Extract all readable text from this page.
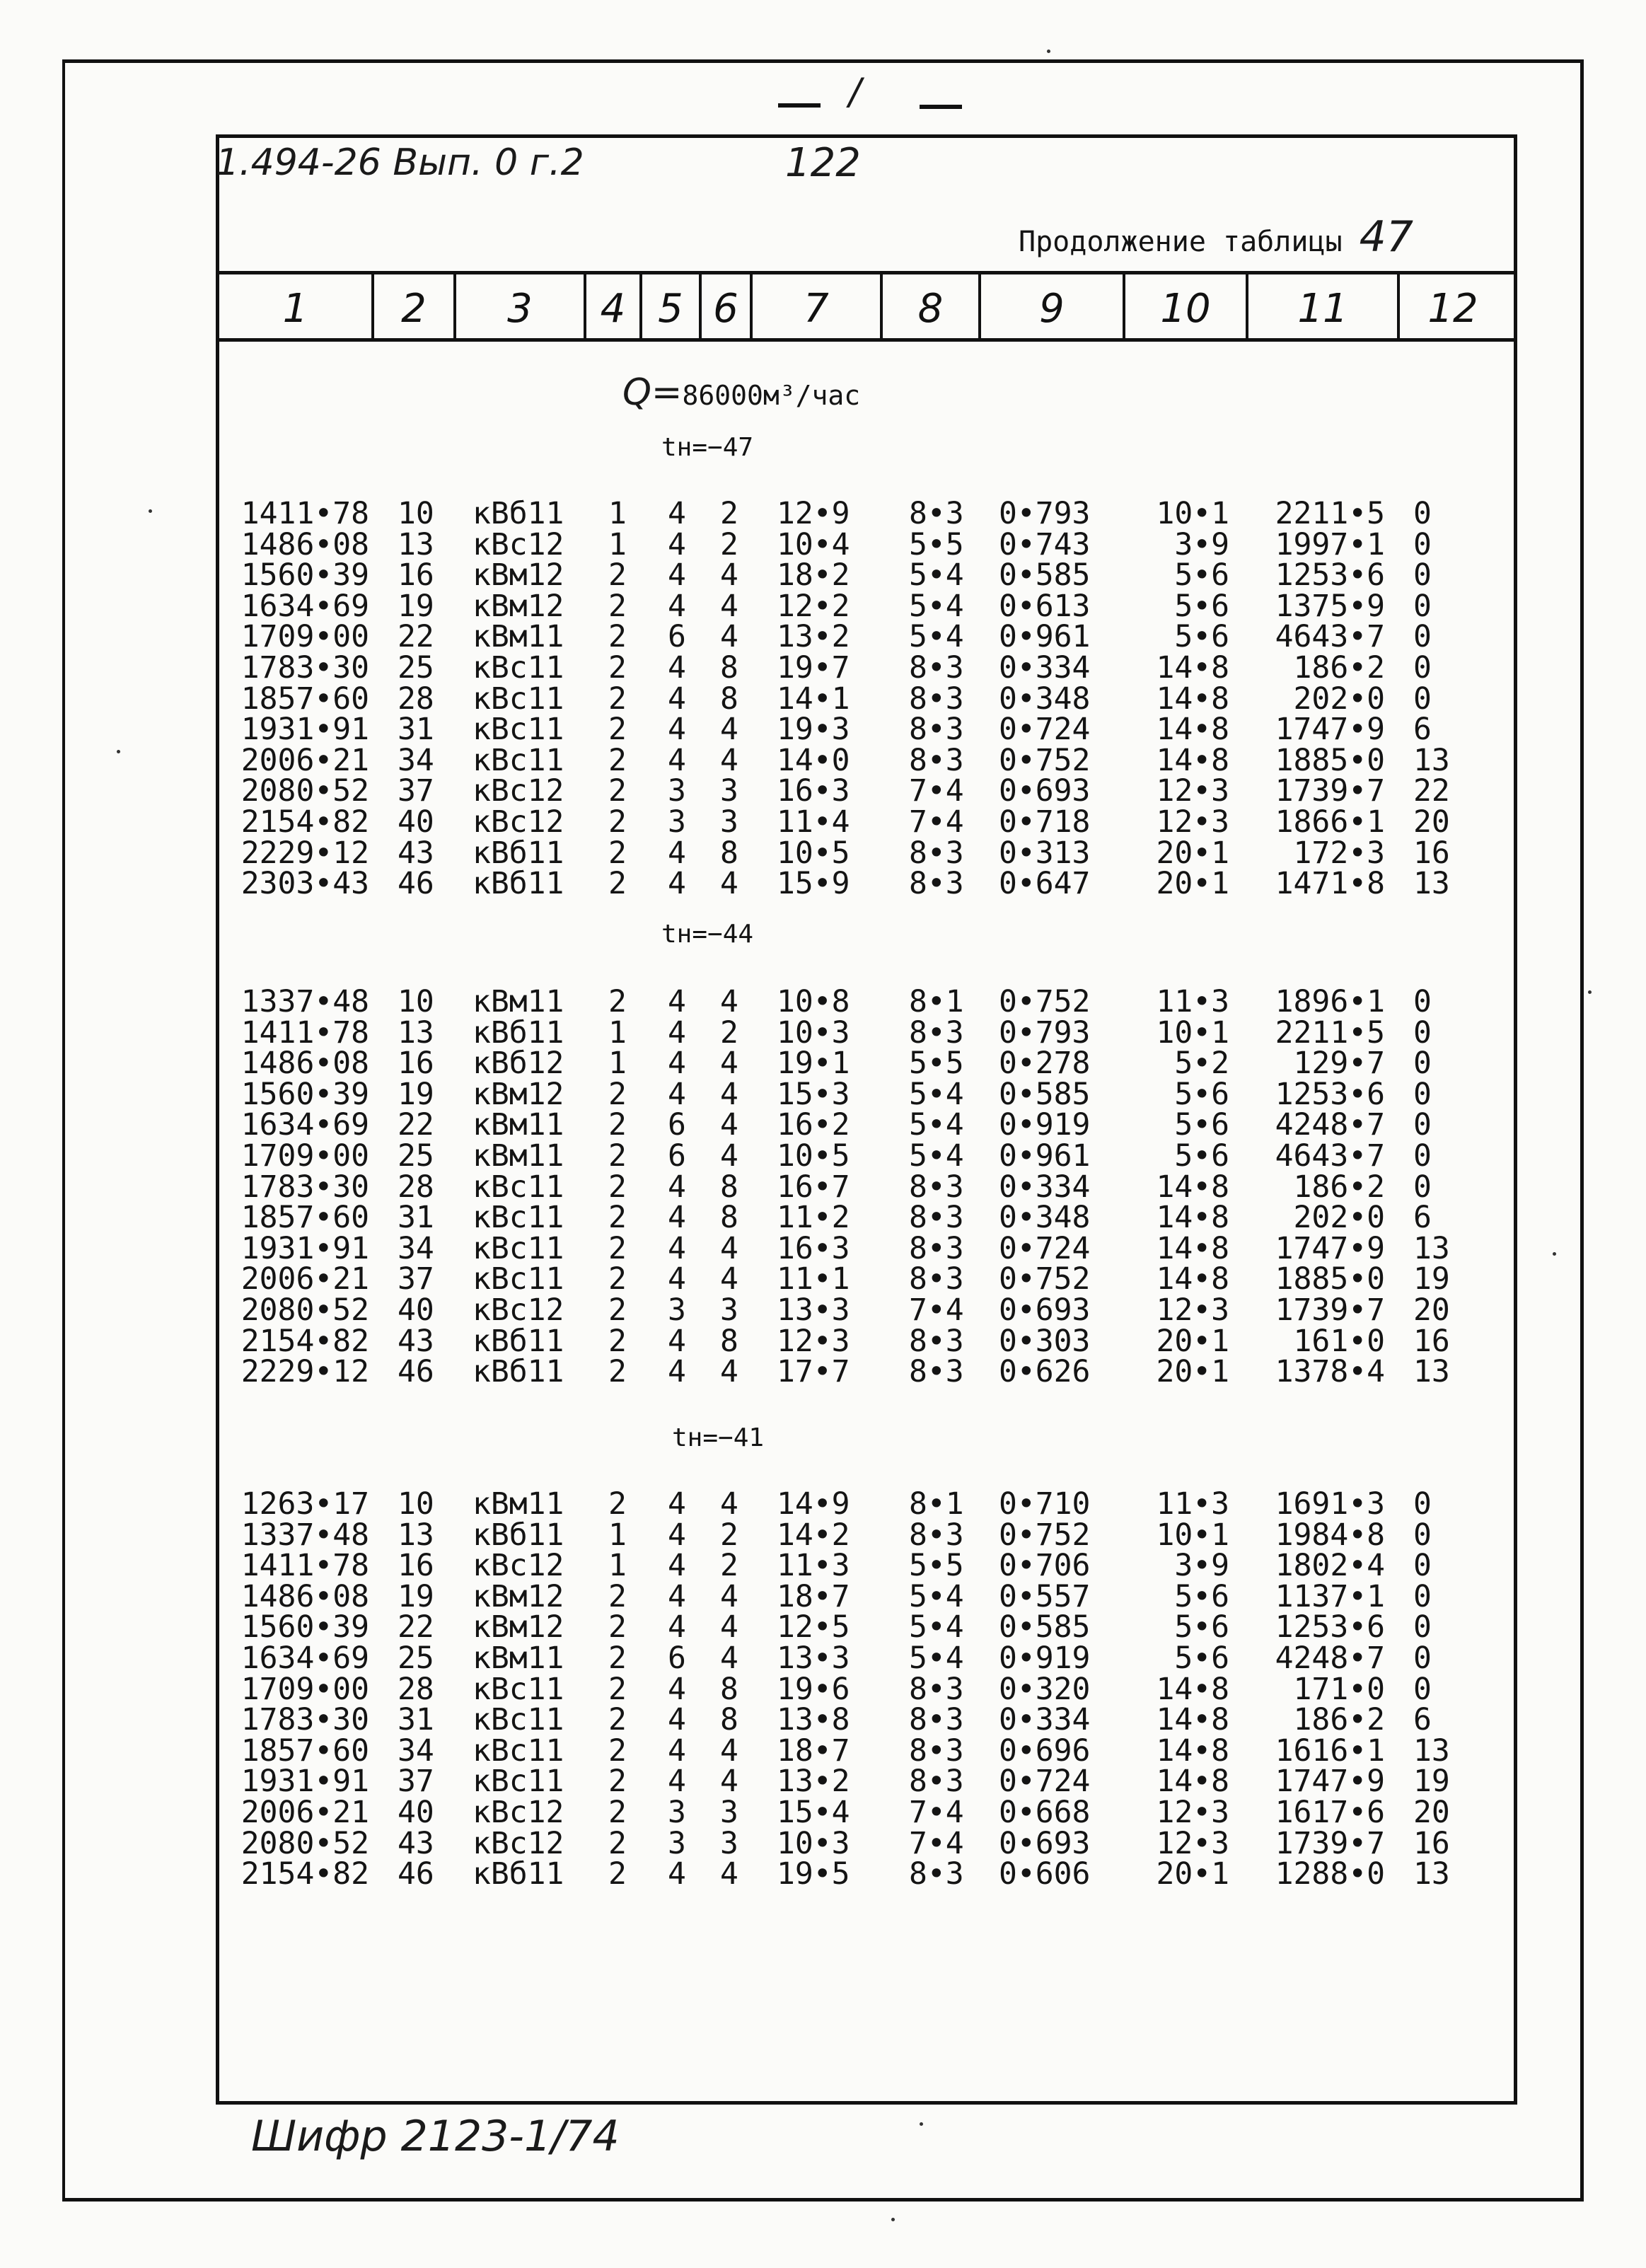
/
1.494-26 Вып. 0 г.2	122
Продолжение таблицы 47
1	2	3	4 5 6	7	8	9	10	11	12
Q=86000м³/час
tн=−47
tн=−44
tн=−41
1411•78 10 кВб11 1 4 2 12•9 8•3 0•793 10•1 2211•5 0
1486•08 13 кВс12 1 4 2 10•4 5•5 0•743	3•9 1997•1 0
1560•39 16 кВм12 2 4 4 18•2 5•4 0•585	5•6 1253•6 0
1634•69 19 кВм12 2 4 4 12•2 5•4 0•613	5•6 1375•9 0
1709•00 22 кВм11 2 6 4 13•2 5•4 0•961	5•6 4643•7 0
1783•30 25 кВс11 2 4 8 19•7 8•3 0•334 14•8 186•2 0
1857•60 28 кВс11 2 4 8 14•1 8•3 0•348 14•8 202•0 0
1931•91 31 кВс11 2 4 4 19•3 8•3 0•724 14•8 1747•9 6
2006•21 34 кВс11 2 4 4 14•0 8•3 0•752 14•8 1885•0 13
2080•52 37 кВс12 2 3 3 16•3 7•4 0•693 12•3 1739•7 22
2154•82 40 кВс12 2 3 3 11•4 7•4 0•718 12•3 1866•1 20
2229•12 43 кВб11 2 4 8 10•5 8•3 0•313 20•1 172•3 16
2303•43 46 кВб11 2 4 4 15•9 8•3 0•647 20•1 1471•8 13
1337•48 10 кВм11 2 4 4 10•8 8•1 0•752 11•3 1896•1 0
1411•78 13 кВб11 1 4 2 10•3 8•3 0•793 10•1 2211•5 0
1486•08 16 кВб12 1 4 4 19•1 5•5 0•278	5•2 129•7 0
1560•39 19 кВм12 2 4 4 15•3 5•4 0•585	5•6 1253•6 0
1634•69 22 кВм11 2 6 4 16•2 5•4 0•919	5•6 4248•7 0
1709•00 25 кВм11 2 6 4 10•5 5•4 0•961	5•6 4643•7 0
1783•30 28 кВс11 2 4 8 16•7 8•3 0•334 14•8 186•2 0
1857•60 31 кВс11 2 4 8 11•2 8•3 0•348 14•8 202•0 6
1931•91 34 кВс11 2 4 4 16•3 8•3 0•724 14•8 1747•9 13
2006•21 37 кВс11 2 4 4 11•1 8•3 0•752 14•8 1885•0 19
2080•52 40 кВс12 2 3 3 13•3 7•4 0•693 12•3 1739•7 20
2154•82 43 кВб11 2 4 8 12•3 8•3 0•303 20•1 161•0 16
2229•12 46 кВб11 2 4 4 17•7 8•3 0•626 20•1 1378•4 13
1263•17 10 кВм11 2 4 4 14•9 8•1 0•710 11•3 1691•3 0
1337•48 13 кВб11 1 4 2 14•2 8•3 0•752 10•1 1984•8 0
1411•78 16 кВс12 1 4 2 11•3 5•5 0•706	3•9 1802•4 0
1486•08 19 кВм12 2 4 4 18•7 5•4 0•557	5•6 1137•1 0
1560•39 22 кВм12 2 4 4 12•5 5•4 0•585	5•6 1253•6 0
1634•69 25 кВм11 2 6 4 13•3 5•4 0•919	5•6 4248•7 0
1709•00 28 кВс11 2 4 8 19•6 8•3 0•320 14•8 171•0 0
1783•30 31 кВс11 2 4 8 13•8 8•3 0•334 14•8 186•2 6
1857•60 34 кВс11 2 4 4 18•7 8•3 0•696 14•8 1616•1 13
1931•91 37 кВс11 2 4 4 13•2 8•3 0•724 14•8 1747•9 19
2006•21 40 кВс12 2 3 3 15•4 7•4 0•668 12•3 1617•6 20
2080•52 43 кВс12 2 3 3 10•3 7•4 0•693 12•3 1739•7 16
2154•82 46 кВб11 2 4 4 19•5 8•3 0•606 20•1 1288•0 13
Шифр 2123-1/74
